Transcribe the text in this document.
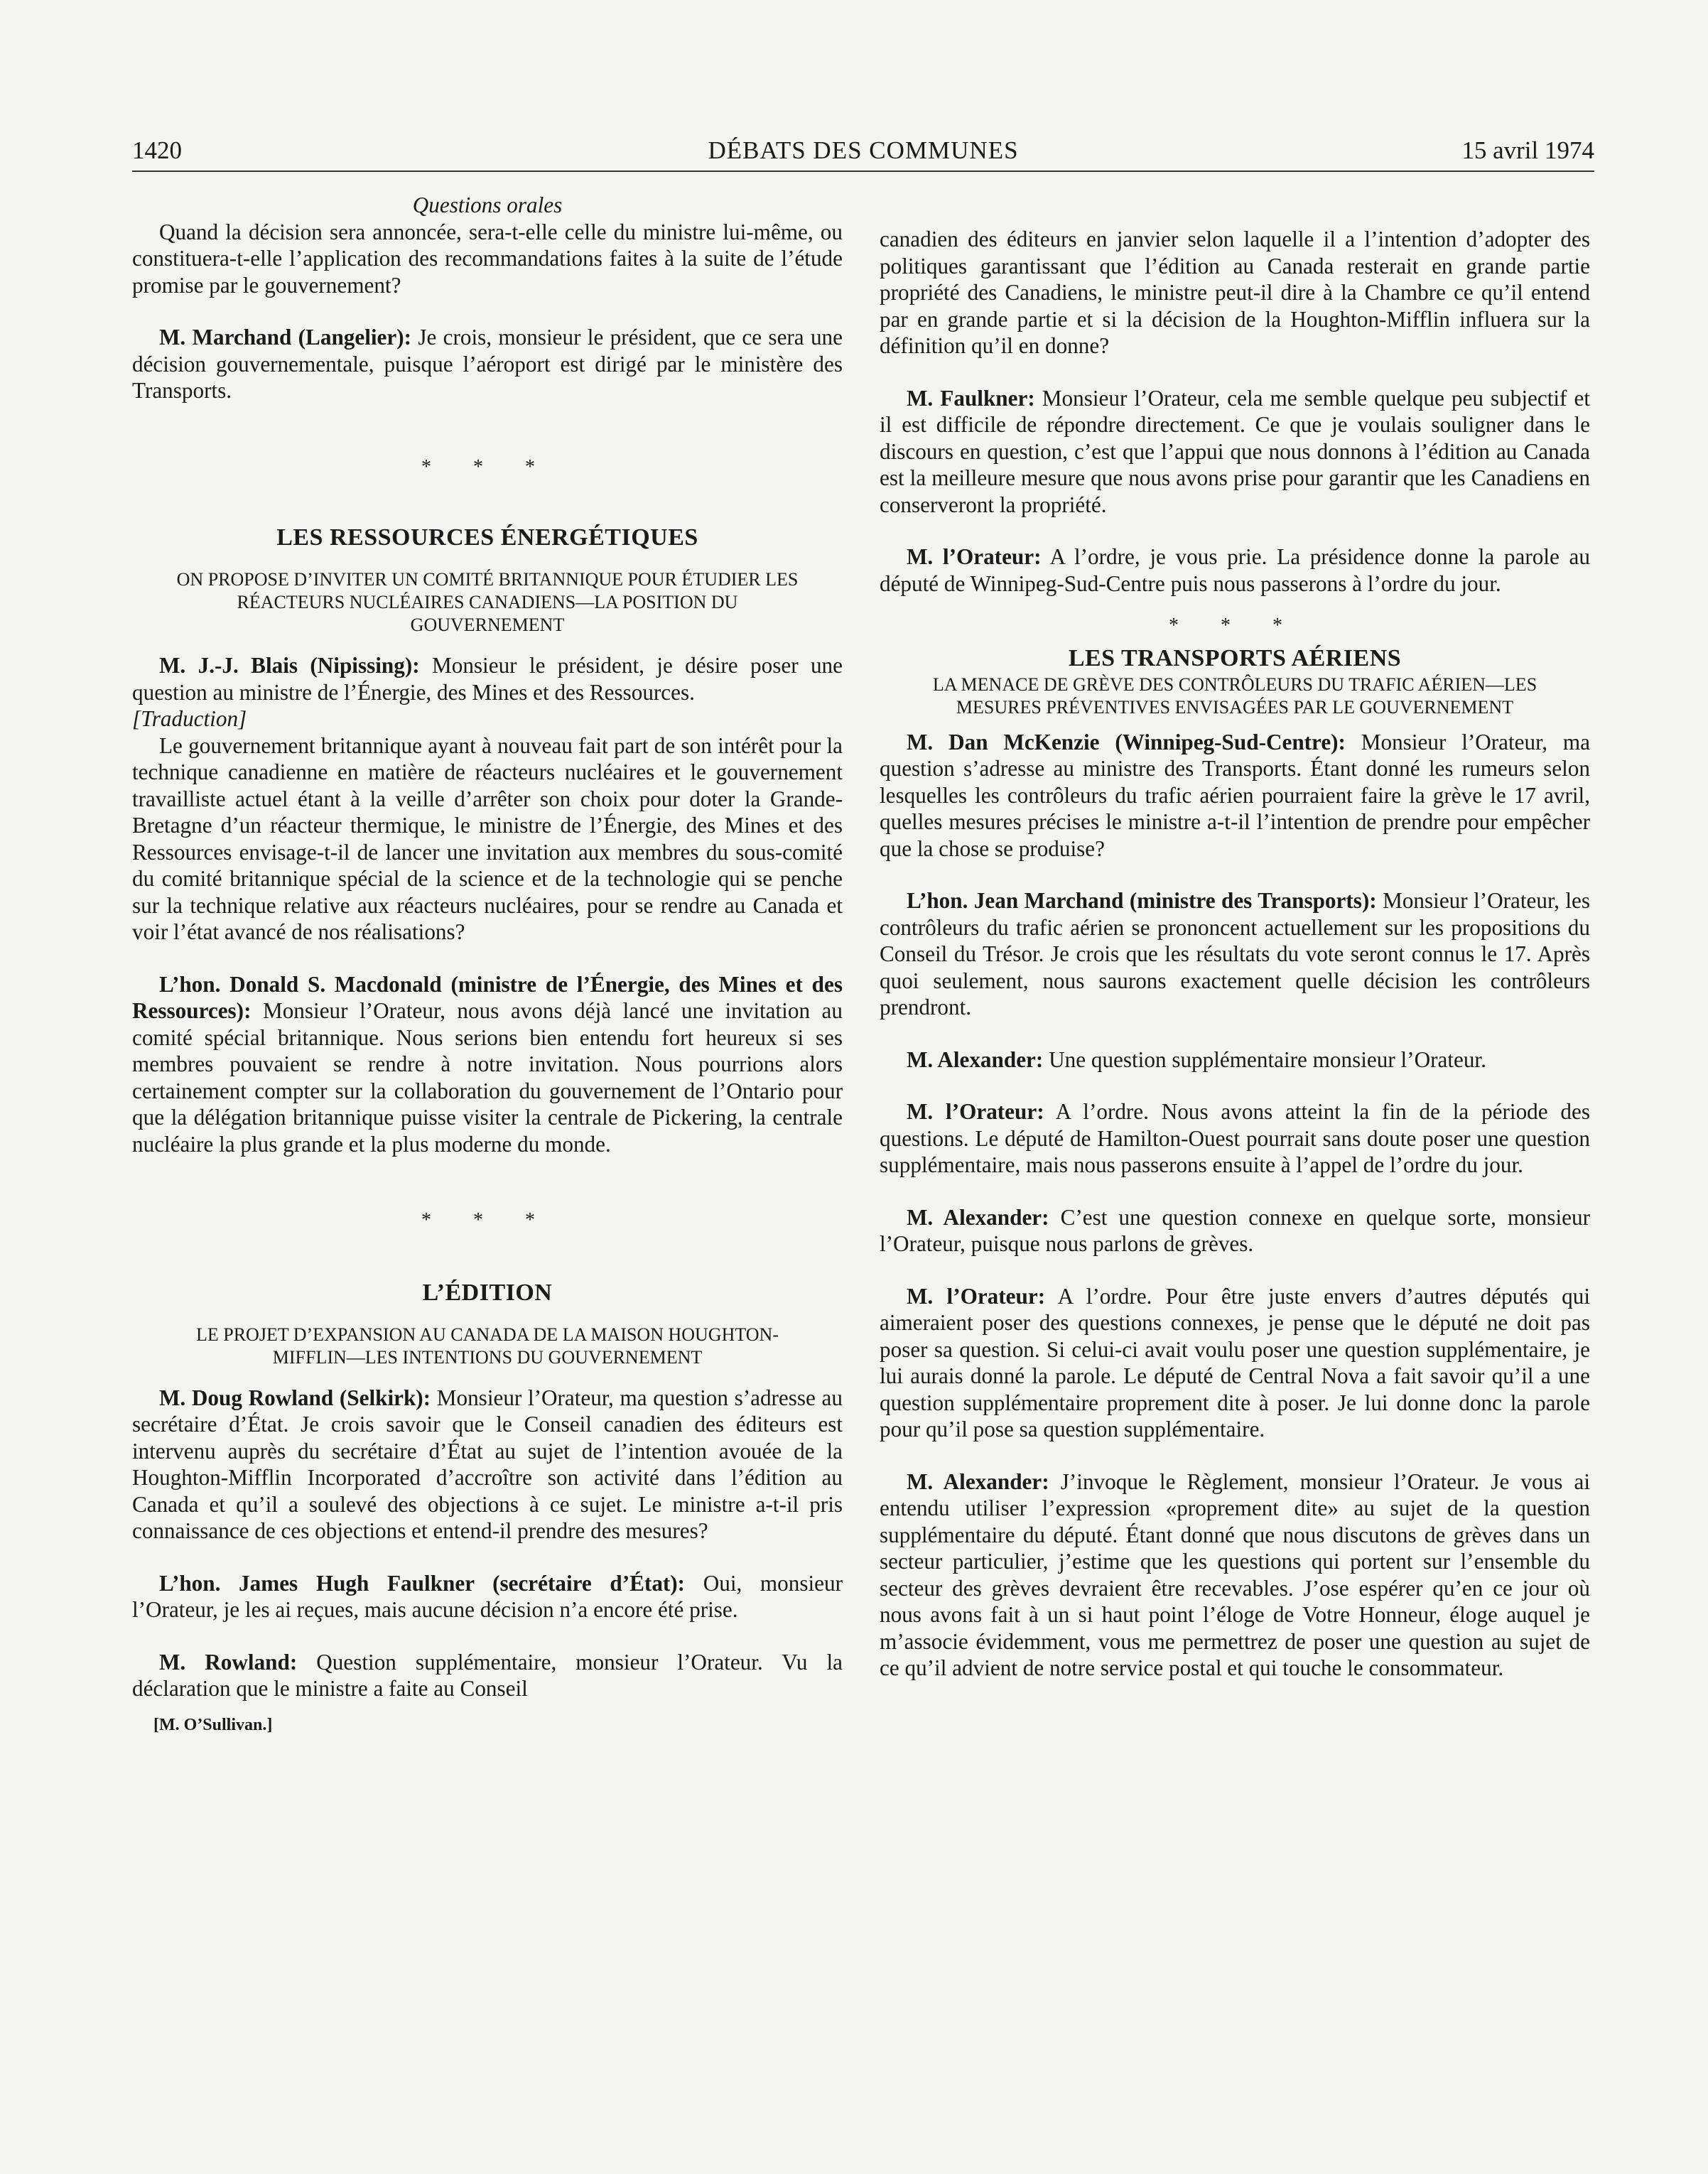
1420	DÉBATS DES COMMUNES	15 avril 1974

Questions orales

Quand la décision sera annoncée, sera-t-elle celle du ministre lui-même, ou constituera-t-elle l’application des recommandations faites à la suite de l’étude promise par le gouvernement?

M. Marchand (Langelier): Je crois, monsieur le président, que ce sera une décision gouvernementale, puisque l’aéroport est dirigé par le ministère des Transports.

* * *

LES RESSOURCES ÉNERGÉTIQUES

ON PROPOSE D’INVITER UN COMITÉ BRITANNIQUE POUR ÉTUDIER LES RÉACTEURS NUCLÉAIRES CANADIENS—LA POSITION DU GOUVERNEMENT

M. J.-J. Blais (Nipissing): Monsieur le président, je désire poser une question au ministre de l’Énergie, des Mines et des Ressources.

[Traduction]

Le gouvernement britannique ayant à nouveau fait part de son intérêt pour la technique canadienne en matière de réacteurs nucléaires et le gouvernement travailliste actuel étant à la veille d’arrêter son choix pour doter la Grande-Bretagne d’un réacteur thermique, le ministre de l’Énergie, des Mines et des Ressources envisage-t-il de lancer une invitation aux membres du sous-comité du comité britannique spécial de la science et de la technologie qui se penche sur la technique relative aux réacteurs nucléaires, pour se rendre au Canada et voir l’état avancé de nos réalisations?

L’hon. Donald S. Macdonald (ministre de l’Énergie, des Mines et des Ressources): Monsieur l’Orateur, nous avons déjà lancé une invitation au comité spécial britannique. Nous serions bien entendu fort heureux si ses membres pouvaient se rendre à notre invitation. Nous pourrions alors certainement compter sur la collaboration du gouvernement de l’Ontario pour que la délégation britannique puisse visiter la centrale de Pickering, la centrale nucléaire la plus grande et la plus moderne du monde.

* * *

L’ÉDITION

LE PROJET D’EXPANSION AU CANADA DE LA MAISON HOUGHTON-MIFFLIN—LES INTENTIONS DU GOUVERNEMENT

M. Doug Rowland (Selkirk): Monsieur l’Orateur, ma question s’adresse au secrétaire d’État. Je crois savoir que le Conseil canadien des éditeurs est intervenu auprès du secrétaire d’État au sujet de l’intention avouée de la Houghton-Mifflin Incorporated d’accroître son activité dans l’édition au Canada et qu’il a soulevé des objections à ce sujet. Le ministre a-t-il pris connaissance de ces objections et entend-il prendre des mesures?

L’hon. James Hugh Faulkner (secrétaire d’État): Oui, monsieur l’Orateur, je les ai reçues, mais aucune décision n’a encore été prise.

M. Rowland: Question supplémentaire, monsieur l’Orateur. Vu la déclaration que le ministre a faite au Conseil

[M. O’Sullivan.]

canadien des éditeurs en janvier selon laquelle il a l’intention d’adopter des politiques garantissant que l’édition au Canada resterait en grande partie propriété des Canadiens, le ministre peut-il dire à la Chambre ce qu’il entend par en grande partie et si la décision de la Houghton-Mifflin influera sur la définition qu’il en donne?

M. Faulkner: Monsieur l’Orateur, cela me semble quelque peu subjectif et il est difficile de répondre directement. Ce que je voulais souligner dans le discours en question, c’est que l’appui que nous donnons à l’édition au Canada est la meilleure mesure que nous avons prise pour garantir que les Canadiens en conserveront la propriété.

M. l’Orateur: A l’ordre, je vous prie. La présidence donne la parole au député de Winnipeg-Sud-Centre puis nous passerons à l’ordre du jour.

* * *

LES TRANSPORTS AÉRIENS

LA MENACE DE GRÈVE DES CONTRÔLEURS DU TRAFIC AÉRIEN—LES MESURES PRÉVENTIVES ENVISAGÉES PAR LE GOUVERNEMENT

M. Dan McKenzie (Winnipeg-Sud-Centre): Monsieur l’Orateur, ma question s’adresse au ministre des Transports. Étant donné les rumeurs selon lesquelles les contrôleurs du trafic aérien pourraient faire la grève le 17 avril, quelles mesures précises le ministre a-t-il l’intention de prendre pour empêcher que la chose se produise?

L’hon. Jean Marchand (ministre des Transports): Monsieur l’Orateur, les contrôleurs du trafic aérien se prononcent actuellement sur les propositions du Conseil du Trésor. Je crois que les résultats du vote seront connus le 17. Après quoi seulement, nous saurons exactement quelle décision les contrôleurs prendront.

M. Alexander: Une question supplémentaire monsieur l’Orateur.

M. l’Orateur: A l’ordre. Nous avons atteint la fin de la période des questions. Le député de Hamilton-Ouest pourrait sans doute poser une question supplémentaire, mais nous passerons ensuite à l’appel de l’ordre du jour.

M. Alexander: C’est une question connexe en quelque sorte, monsieur l’Orateur, puisque nous parlons de grèves.

M. l’Orateur: A l’ordre. Pour être juste envers d’autres députés qui aimeraient poser des questions connexes, je pense que le député ne doit pas poser sa question. Si celui-ci avait voulu poser une question supplémentaire, je lui aurais donné la parole. Le député de Central Nova a fait savoir qu’il a une question supplémentaire proprement dite à poser. Je lui donne donc la parole pour qu’il pose sa question supplémentaire.

M. Alexander: J’invoque le Règlement, monsieur l’Orateur. Je vous ai entendu utiliser l’expression «proprement dite» au sujet de la question supplémentaire du député. Étant donné que nous discutons de grèves dans un secteur particulier, j’estime que les questions qui portent sur l’ensemble du secteur des grèves devraient être recevables. J’ose espérer qu’en ce jour où nous avons fait à un si haut point l’éloge de Votre Honneur, éloge auquel je m’associe évidemment, vous me permettrez de poser une question au sujet de ce qu’il advient de notre service postal et qui touche le consommateur.
